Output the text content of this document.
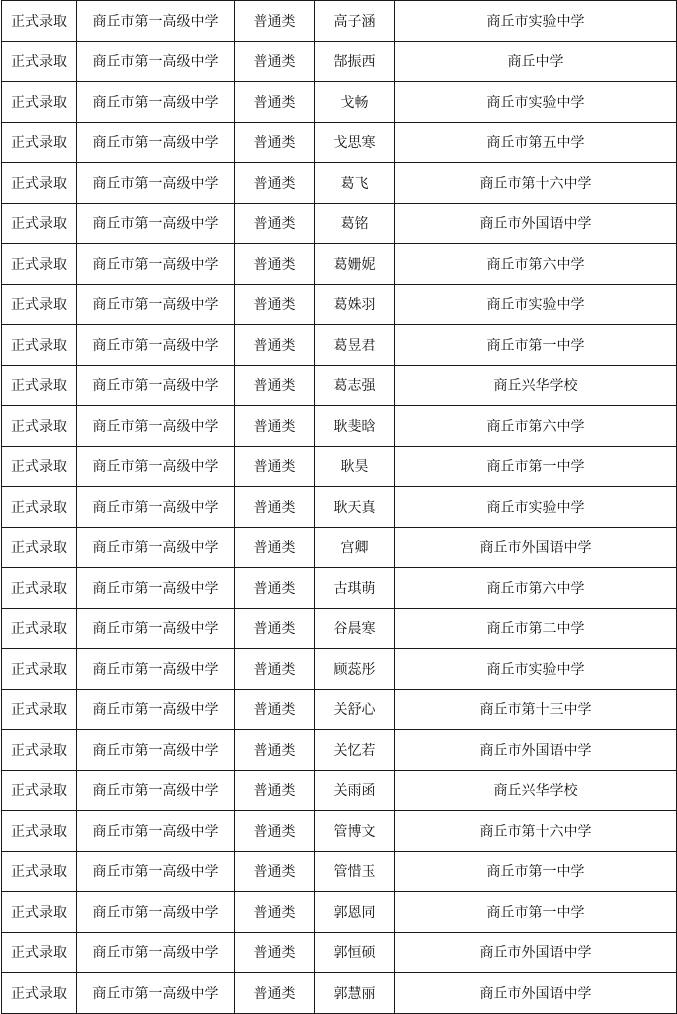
正式录取	商丘市第一高级中学	普通类	高子涵	商丘市实验中学
正式录取	商丘市第一高级中学	普通类	郜振西	商丘中学
正式录取	商丘市第一高级中学	普通类	戈畅	商丘市实验中学
正式录取	商丘市第一高级中学	普通类	戈思寒	商丘市第五中学
正式录取	商丘市第一高级中学	普通类	葛飞	商丘市第十六中学
正式录取	商丘市第一高级中学	普通类	葛铭	商丘市外国语中学
正式录取	商丘市第一高级中学	普通类	葛姗妮	商丘市第六中学
正式录取	商丘市第一高级中学	普通类	葛姝羽	商丘市实验中学
正式录取	商丘市第一高级中学	普通类	葛昱君	商丘市第一中学
正式录取	商丘市第一高级中学	普通类	葛志强	商丘兴华学校
正式录取	商丘市第一高级中学	普通类	耿斐晗	商丘市第六中学
正式录取	商丘市第一高级中学	普通类	耿昊	商丘市第一中学
正式录取	商丘市第一高级中学	普通类	耿天真	商丘市实验中学
正式录取	商丘市第一高级中学	普通类	宫卿	商丘市外国语中学
正式录取	商丘市第一高级中学	普通类	古琪萌	商丘市第六中学
正式录取	商丘市第一高级中学	普通类	谷晨寒	商丘市第二中学
正式录取	商丘市第一高级中学	普通类	顾蕊彤	商丘市实验中学
正式录取	商丘市第一高级中学	普通类	关舒心	商丘市第十三中学
正式录取	商丘市第一高级中学	普通类	关忆若	商丘市外国语中学
正式录取	商丘市第一高级中学	普通类	关雨函	商丘兴华学校
正式录取	商丘市第一高级中学	普通类	管博文	商丘市第十六中学
正式录取	商丘市第一高级中学	普通类	管惜玉	商丘市第一中学
正式录取	商丘市第一高级中学	普通类	郭恩同	商丘市第一中学
正式录取	商丘市第一高级中学	普通类	郭恒硕	商丘市外国语中学
正式录取	商丘市第一高级中学	普通类	郭慧丽	商丘市外国语中学
